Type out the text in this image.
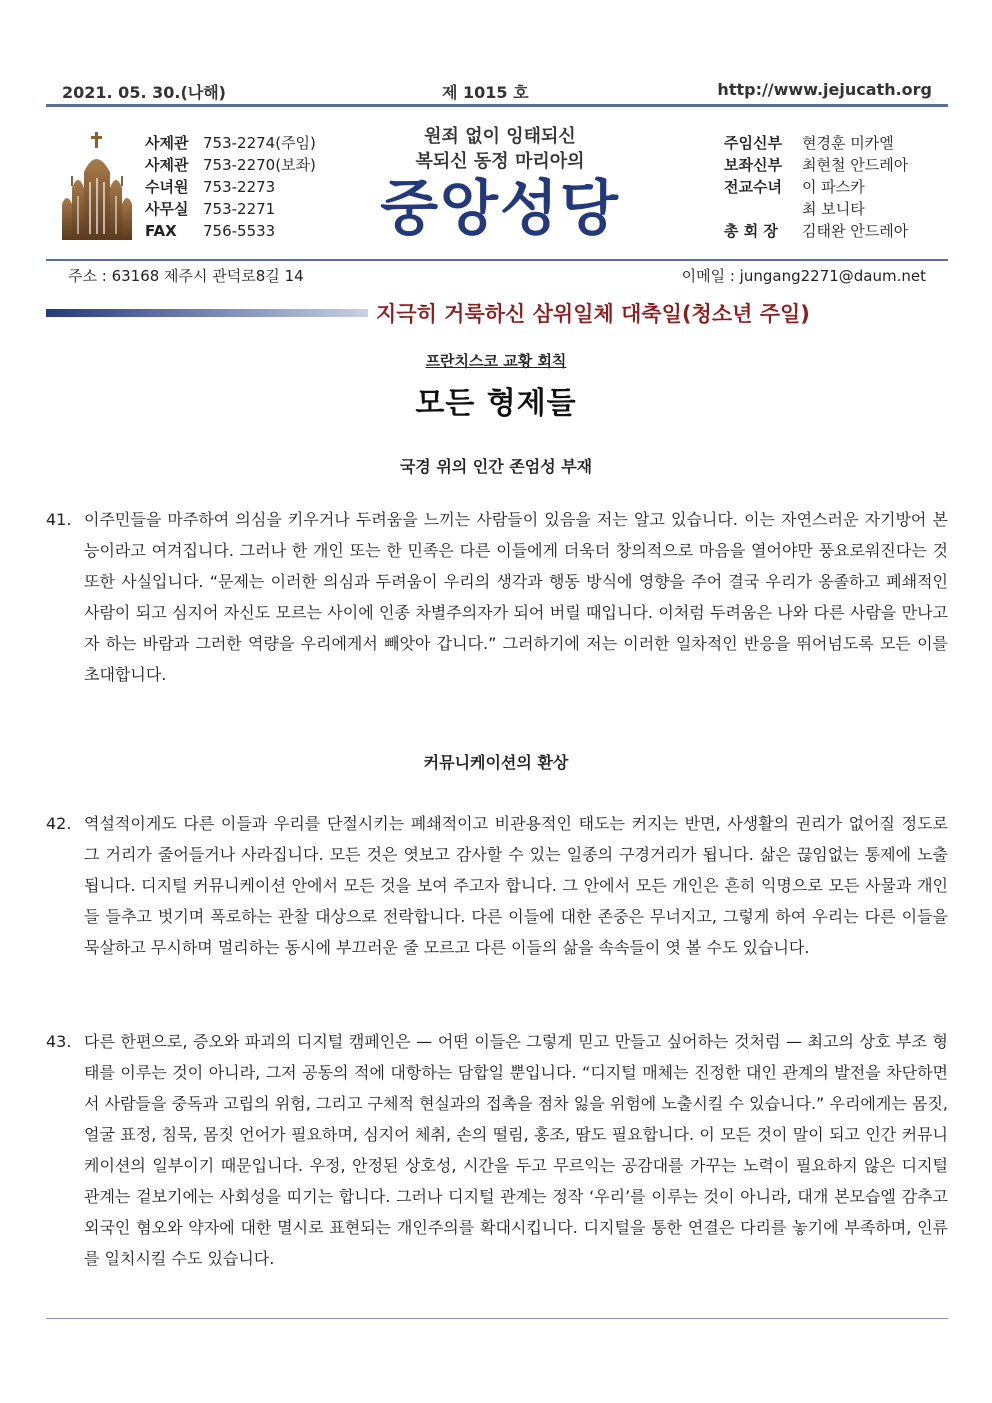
2021. 05. 30.(나해)	제 1015 호	http://www.jejucath.org
사제관 753-2274(주임)
사제관 753-2270(보좌)
수녀원 753-2273
사무실 753-2271
FAX	756-5533
원죄 없이 잉태되신
복되신 동정 마리아의
중앙성당
주임신부	현경훈 미카엘
보좌신부	최현철 안드레아
전교수녀	이 파스카
최 보니타
총 회 장	김태완 안드레아
주소 : 63168 제주시 관덕로8길 14	이메일 : jungang2271@daum.net
지극히 거룩하신 삼위일체 대축일(청소년 주일)
프란치스코 교황 회칙
모든 형제들
국경 위의 인간 존엄성 부재
41. 이주민들을 마주하여 의심을 키우거나 두려움을 느끼는 사람들이 있음을 저는 알고 있습니다. 이는 자연스러운 자기방어 본능이라고 여겨집니다. 그러나 한 개인 또는 한 민족은 다른 이들에게 더욱더 창의적으로 마음을 열어야만 풍요로워진다는 것 또한 사실입니다. “문제는 이러한 의심과 두려움이 우리의 생각과 행동 방식에 영향을 주어 결국 우리가 옹졸하고 폐쇄적인 사람이 되고 심지어 자신도 모르는 사이에 인종 차별주의자가 되어 버릴 때입니다. 이처럼 두려움은 나와 다른 사람을 만나고자 하는 바람과 그러한 역량을 우리에게서 빼앗아 갑니다.” 그러하기에 저는 이러한 일차적인 반응을 뛰어넘도록 모든 이를 초대합니다.
커뮤니케이션의 환상
42. 역설적이게도 다른 이들과 우리를 단절시키는 폐쇄적이고 비관용적인 태도는 커지는 반면, 사생활의 권리가 없어질 정도로 그 거리가 줄어들거나 사라집니다. 모든 것은 엿보고 감사할 수 있는 일종의 구경거리가 됩니다. 삶은 끊임없는 통제에 노출됩니다. 디지털 커뮤니케이션 안에서 모든 것을 보여 주고자 합니다. 그 안에서 모든 개인은 흔히 익명으로 모든 사물과 개인들 들추고 벗기며 폭로하는 관찰 대상으로 전락합니다. 다른 이들에 대한 존중은 무너지고, 그렇게 하여 우리는 다른 이들을 묵살하고 무시하며 멀리하는 동시에 부끄러운 줄 모르고 다른 이들의 삶을 속속들이 엿 볼 수도 있습니다.
43. 다른 한편으로, 증오와 파괴의 디지털 캠페인은 — 어떤 이들은 그렇게 믿고 만들고 싶어하는 것처럼 — 최고의 상호 부조 형태를 이루는 것이 아니라, 그저 공동의 적에 대항하는 담합일 뿐입니다. “디지털 매체는 진정한 대인 관계의 발전을 차단하면서 사람들을 중독과 고립의 위험, 그리고 구체적 현실과의 접촉을 점차 잃을 위험에 노출시킬 수 있습니다.” 우리에게는 몸짓, 얼굴 표정, 침묵, 몸짓 언어가 필요하며, 심지어 체취, 손의 떨림, 홍조, 땀도 필요합니다. 이 모든 것이 말이 되고 인간 커뮤니케이션의 일부이기 때문입니다. 우정, 안정된 상호성, 시간을 두고 무르익는 공감대를 가꾸는 노력이 필요하지 않은 디지털 관계는 겉보기에는 사회성을 띠기는 합니다. 그러나 디지털 관계는 정작 ‘우리’를 이루는 것이 아니라, 대개 본모습엘 감추고 외국인 혐오와 약자에 대한 멸시로 표현되는 개인주의를 확대시킵니다. 디지털을 통한 연결은 다리를 놓기에 부족하며, 인류를 일치시킬 수도 있습니다.
